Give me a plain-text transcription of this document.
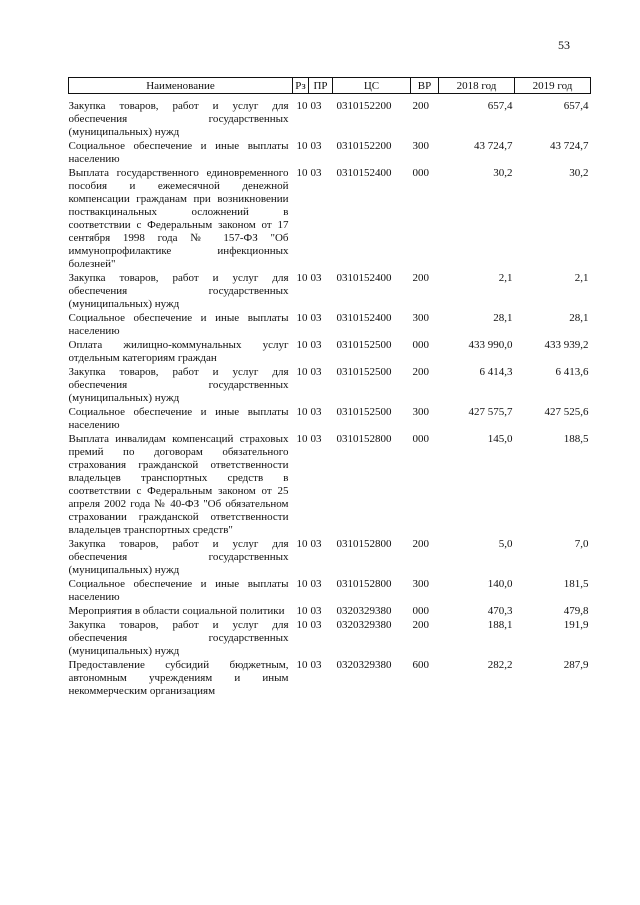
53
Наименование	Рз	ПР	ЦС	ВР	2018 год	2019 год
Закупка товаров, работ и услуг для обеспечения государственных (муниципальных) нужд	10	03	0310152200	200	657,4	657,4
Социальное обеспечение и иные выплаты населению	10	03	0310152200	300	43 724,7	43 724,7
Выплата государственного единовременного пособия и ежемесячной денежной компенсации гражданам при возникновении поствакцинальных осложнений в соответствии с Федеральным законом от 17 сентября 1998 года № 157-ФЗ "Об иммунопрофилактике инфекционных болезней"	10	03	0310152400	000	30,2	30,2
Закупка товаров, работ и услуг для обеспечения государственных (муниципальных) нужд	10	03	0310152400	200	2,1	2,1
Социальное обеспечение и иные выплаты населению	10	03	0310152400	300	28,1	28,1
Оплата жилищно-коммунальных услуг отдельным категориям граждан	10	03	0310152500	000	433 990,0	433 939,2
Закупка товаров, работ и услуг для обеспечения государственных (муниципальных) нужд	10	03	0310152500	200	6 414,3	6 413,6
Социальное обеспечение и иные выплаты населению	10	03	0310152500	300	427 575,7	427 525,6
Выплата инвалидам компенсаций страховых премий по договорам обязательного страхования гражданской ответственности владельцев транспортных средств в соответствии с Федеральным законом от 25 апреля 2002 года № 40-ФЗ "Об обязательном страховании гражданской ответственности владельцев транспортных средств"	10	03	0310152800	000	145,0	188,5
Закупка товаров, работ и услуг для обеспечения государственных (муниципальных) нужд	10	03	0310152800	200	5,0	7,0
Социальное обеспечение и иные выплаты населению	10	03	0310152800	300	140,0	181,5
Мероприятия в области социальной политики	10	03	0320329380	000	470,3	479,8
Закупка товаров, работ и услуг для обеспечения государственных (муниципальных) нужд	10	03	0320329380	200	188,1	191,9
Предоставление субсидий бюджетным, автономным учреждениям и иным некоммерческим организациям	10	03	0320329380	600	282,2	287,9
